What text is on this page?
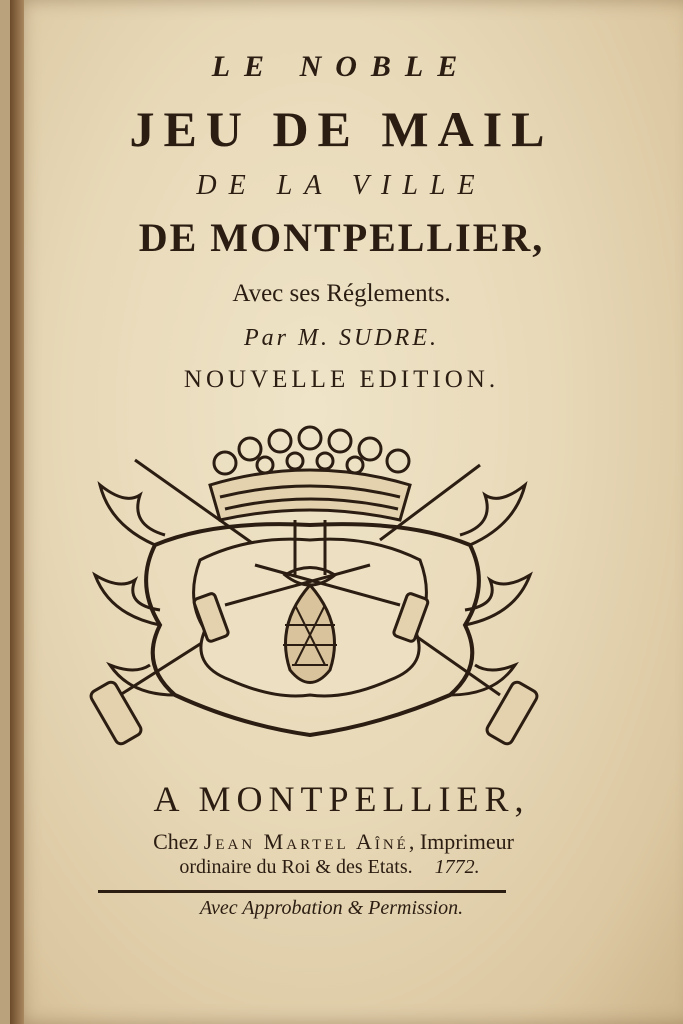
LE NOBLE
JEU DE MAIL
DE LA VILLE
DE MONTPELLIER,
Avec ses Réglements.
Par M. SUDRE.
NOUVELLE EDITION.
A MONTPELLIER,
Chez Jean Martel Aîné, Imprimeur
ordinaire du Roi & des Etats. 1772.
Avec Approbation & Permission.
